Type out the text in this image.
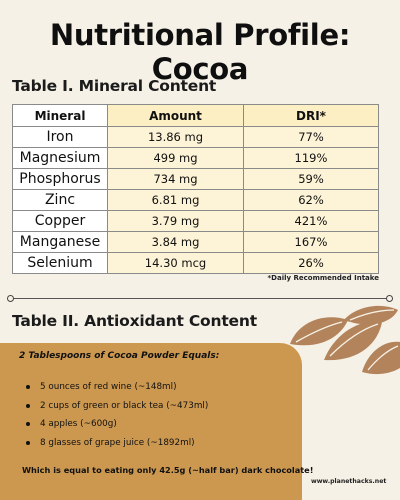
Nutritional Profile: Cocoa
Table I. Mineral Content
Mineral	Amount	DRI*
Iron	13.86 mg	77%
Magnesium	499 mg	119%
Phosphorus	734 mg	59%
Zinc	6.81 mg	62%
Copper	3.79 mg	421%
Manganese	3.84 mg	167%
Selenium	14.30 mcg	26%
*Daily Recommended Intake
Table II. Antioxidant Content
2 Tablespoons of Cocoa Powder Equals:
5 ounces of red wine (~148ml)
2 cups of green or black tea (~473ml)
4 apples (~600g)
8 glasses of grape juice (~1892ml)
Which is equal to eating only 42.5g (~half bar) dark chocolate!
www.planethacks.net
